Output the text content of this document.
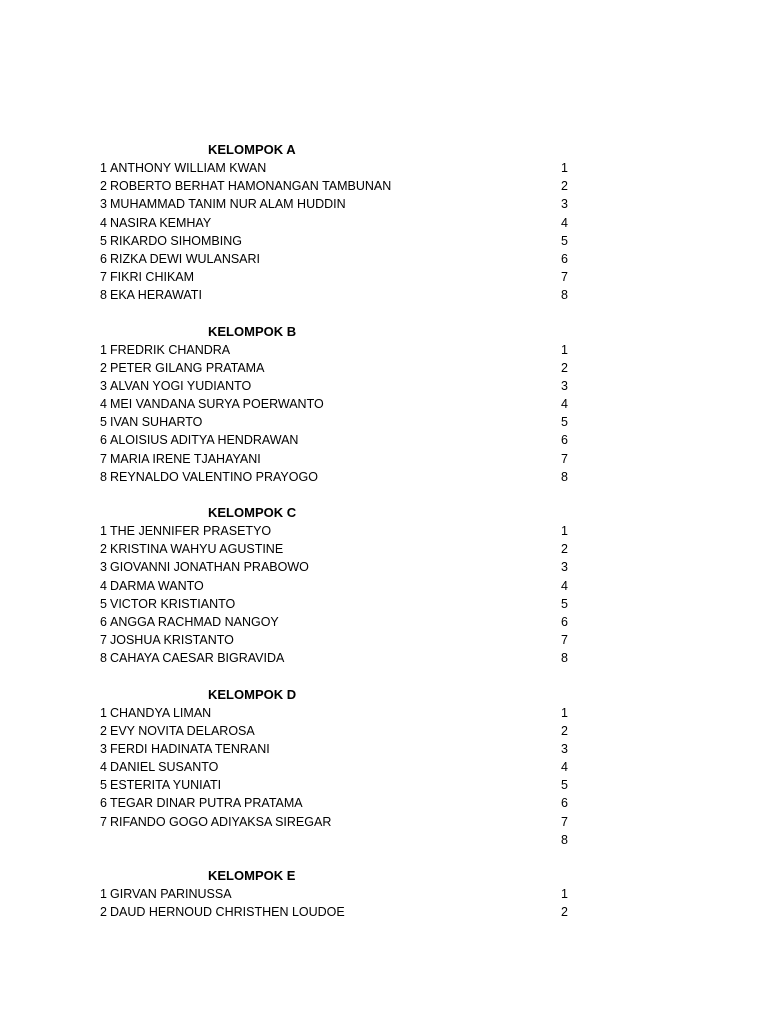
KELOMPOK A
1 ANTHONY WILLIAM KWAN	1
2 ROBERTO BERHAT HAMONANGAN TAMBUNAN	2
3 MUHAMMAD TANIM NUR ALAM HUDDIN	3
4 NASIRA KEMHAY	4
5 RIKARDO SIHOMBING	5
6 RIZKA DEWI WULANSARI	6
7 FIKRI CHIKAM	7
8 EKA HERAWATI	8
KELOMPOK B
1 FREDRIK CHANDRA	1
2 PETER GILANG PRATAMA	2
3 ALVAN YOGI YUDIANTO	3
4 MEI VANDANA SURYA POERWANTO	4
5 IVAN SUHARTO	5
6 ALOISIUS ADITYA HENDRAWAN	6
7 MARIA IRENE TJAHAYANI	7
8 REYNALDO VALENTINO PRAYOGO	8
KELOMPOK C
1 THE JENNIFER PRASETYO	1
2 KRISTINA WAHYU AGUSTINE	2
3 GIOVANNI JONATHAN PRABOWO	3
4 DARMA WANTO	4
5 VICTOR KRISTIANTO	5
6 ANGGA RACHMAD NANGOY	6
7 JOSHUA KRISTANTO	7
8 CAHAYA CAESAR BIGRAVIDA	8
KELOMPOK D
1 CHANDYA LIMAN	1
2 EVY NOVITA DELAROSA	2
3 FERDI HADINATA TENRANI	3
4 DANIEL SUSANTO	4
5 ESTERITA YUNIATI	5
6 TEGAR DINAR PUTRA PRATAMA	6
7 RIFANDO GOGO ADIYAKSA SIREGAR	7
8
KELOMPOK E
1 GIRVAN PARINUSSA	1
2 DAUD HERNOUD CHRISTHEN LOUDOE	2
